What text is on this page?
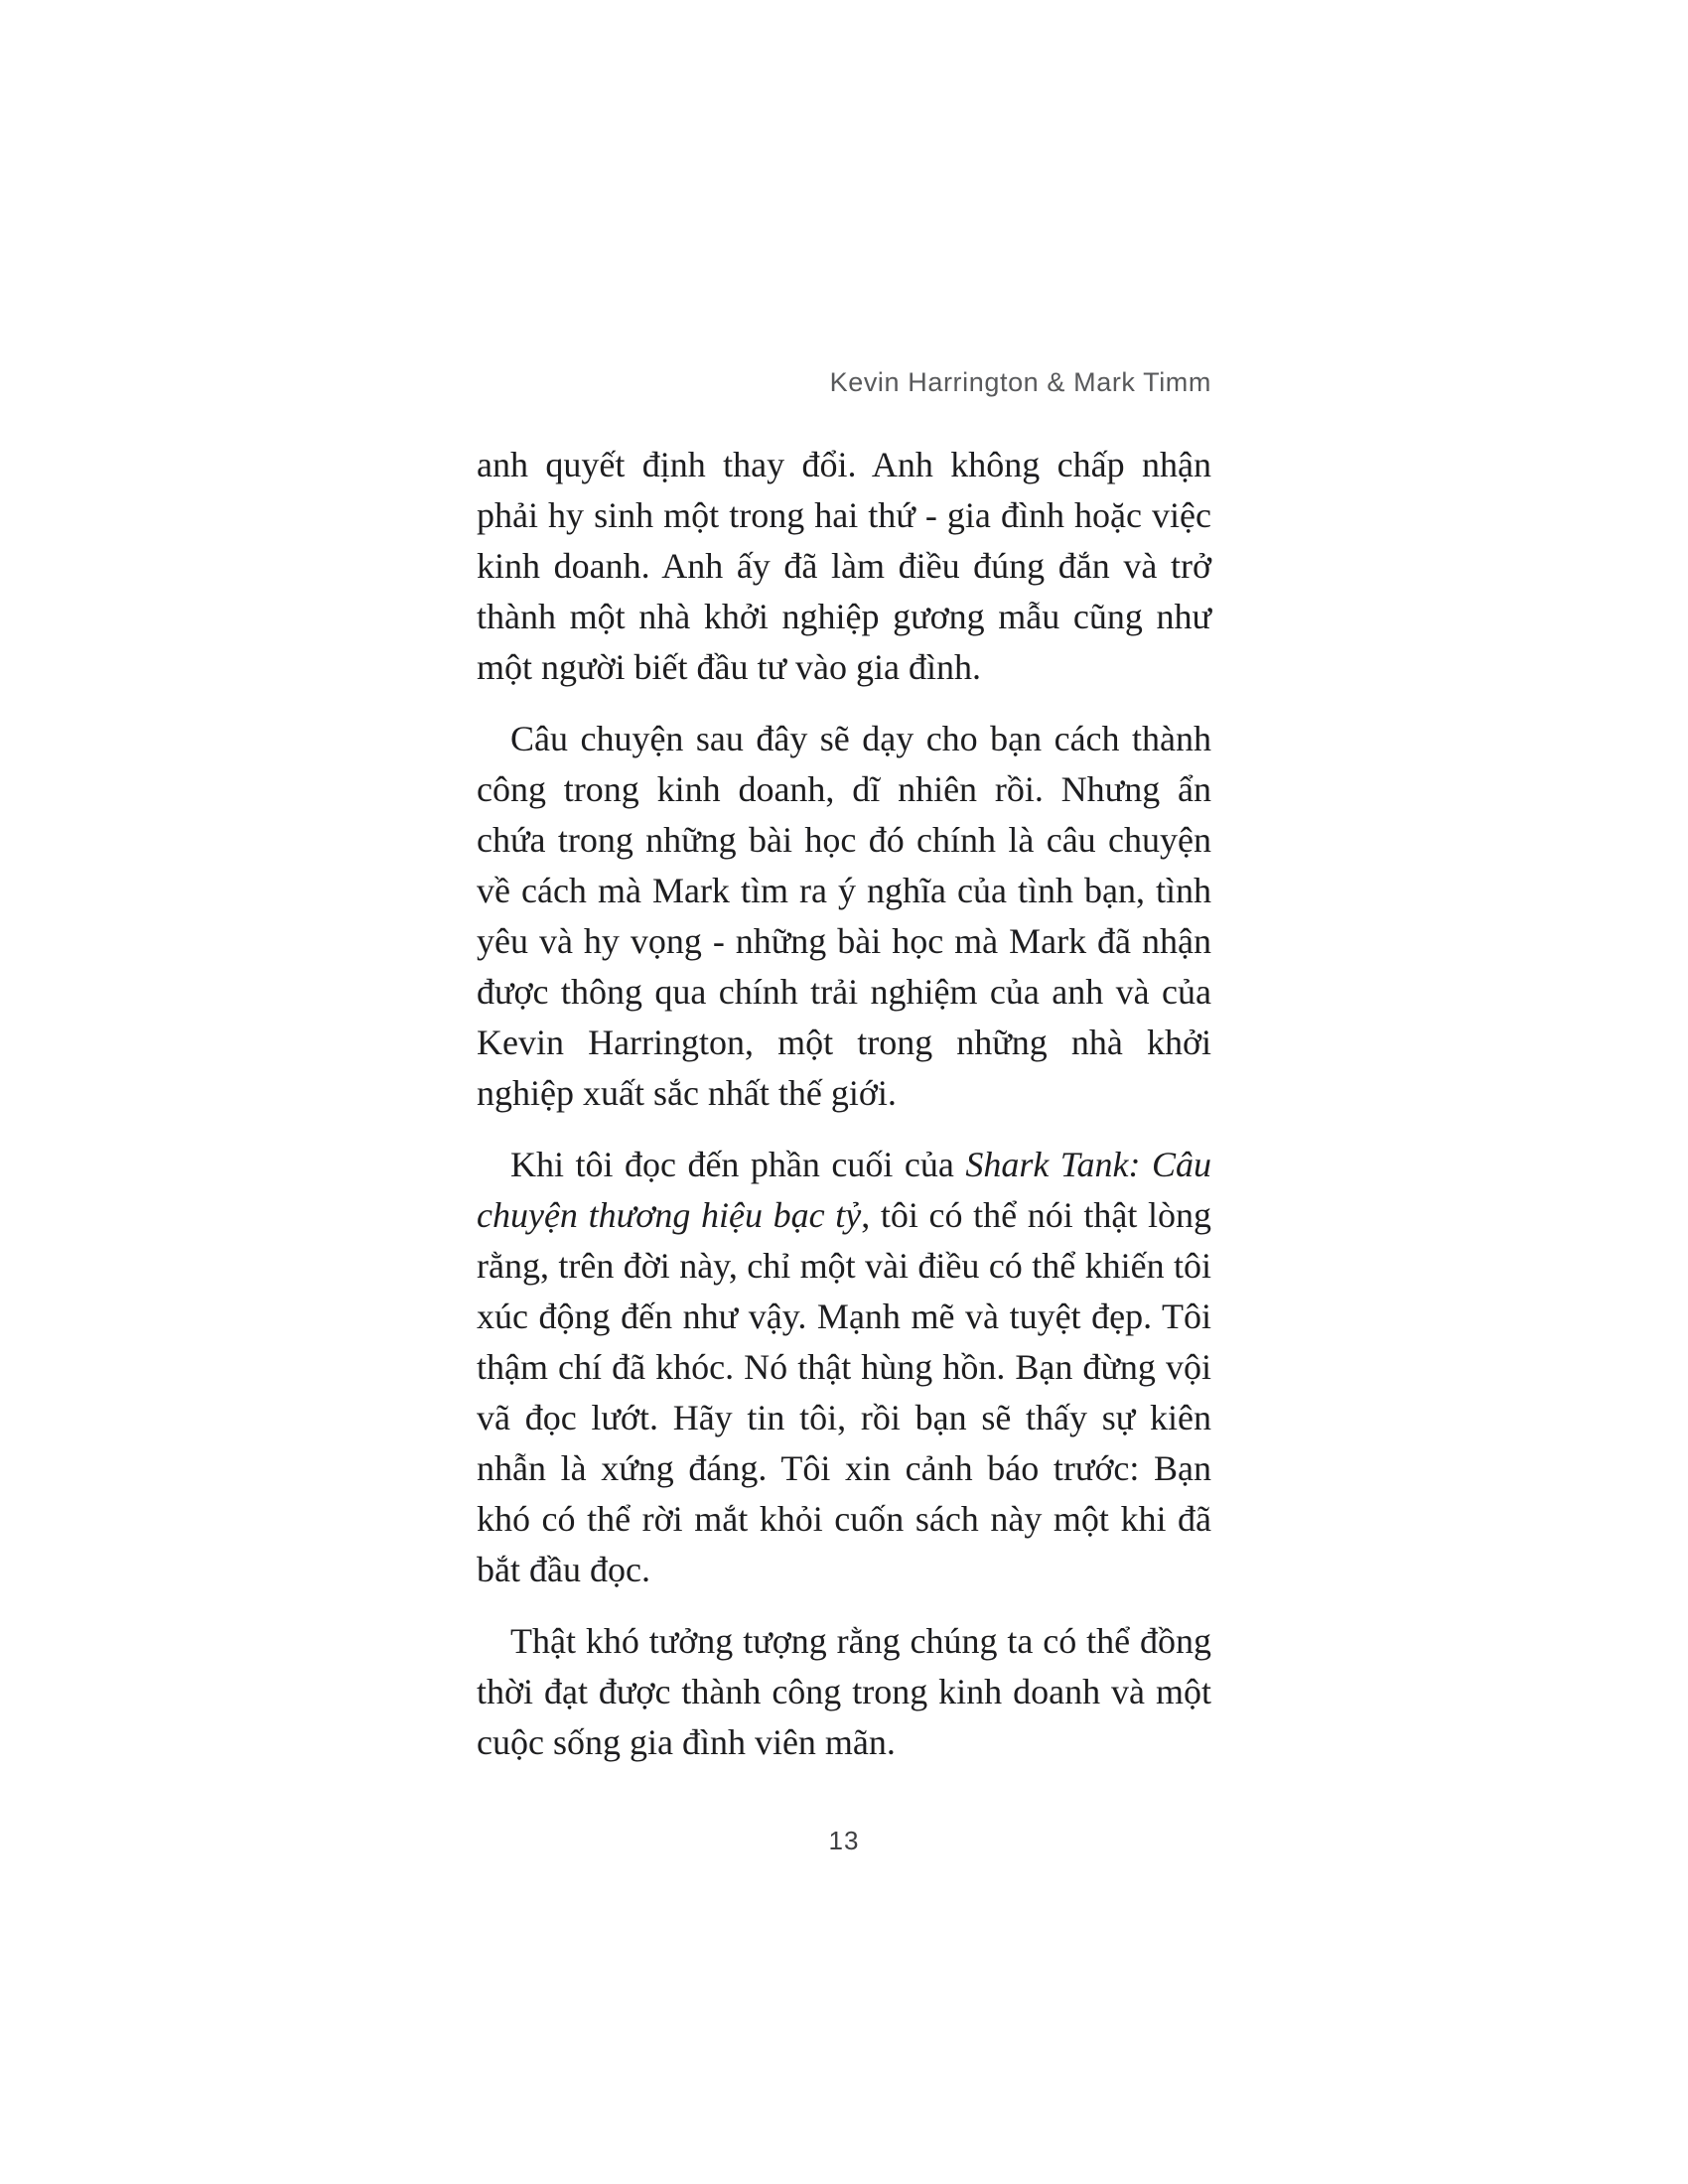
Kevin Harrington & Mark Timm

anh quyết định thay đổi. Anh không chấp nhận phải hy sinh một trong hai thứ - gia đình hoặc việc kinh doanh. Anh ấy đã làm điều đúng đắn và trở thành một nhà khởi nghiệp gương mẫu cũng như một người biết đầu tư vào gia đình.

Câu chuyện sau đây sẽ dạy cho bạn cách thành công trong kinh doanh, dĩ nhiên rồi. Nhưng ẩn chứa trong những bài học đó chính là câu chuyện về cách mà Mark tìm ra ý nghĩa của tình bạn, tình yêu và hy vọng - những bài học mà Mark đã nhận được thông qua chính trải nghiệm của anh và của Kevin Harrington, một trong những nhà khởi nghiệp xuất sắc nhất thế giới.

Khi tôi đọc đến phần cuối của Shark Tank: Câu chuyện thương hiệu bạc tỷ, tôi có thể nói thật lòng rằng, trên đời này, chỉ một vài điều có thể khiến tôi xúc động đến như vậy. Mạnh mẽ và tuyệt đẹp. Tôi thậm chí đã khóc. Nó thật hùng hồn. Bạn đừng vội vã đọc lướt. Hãy tin tôi, rồi bạn sẽ thấy sự kiên nhẫn là xứng đáng. Tôi xin cảnh báo trước: Bạn khó có thể rời mắt khỏi cuốn sách này một khi đã bắt đầu đọc.

Thật khó tưởng tượng rằng chúng ta có thể đồng thời đạt được thành công trong kinh doanh và một cuộc sống gia đình viên mãn.

13
